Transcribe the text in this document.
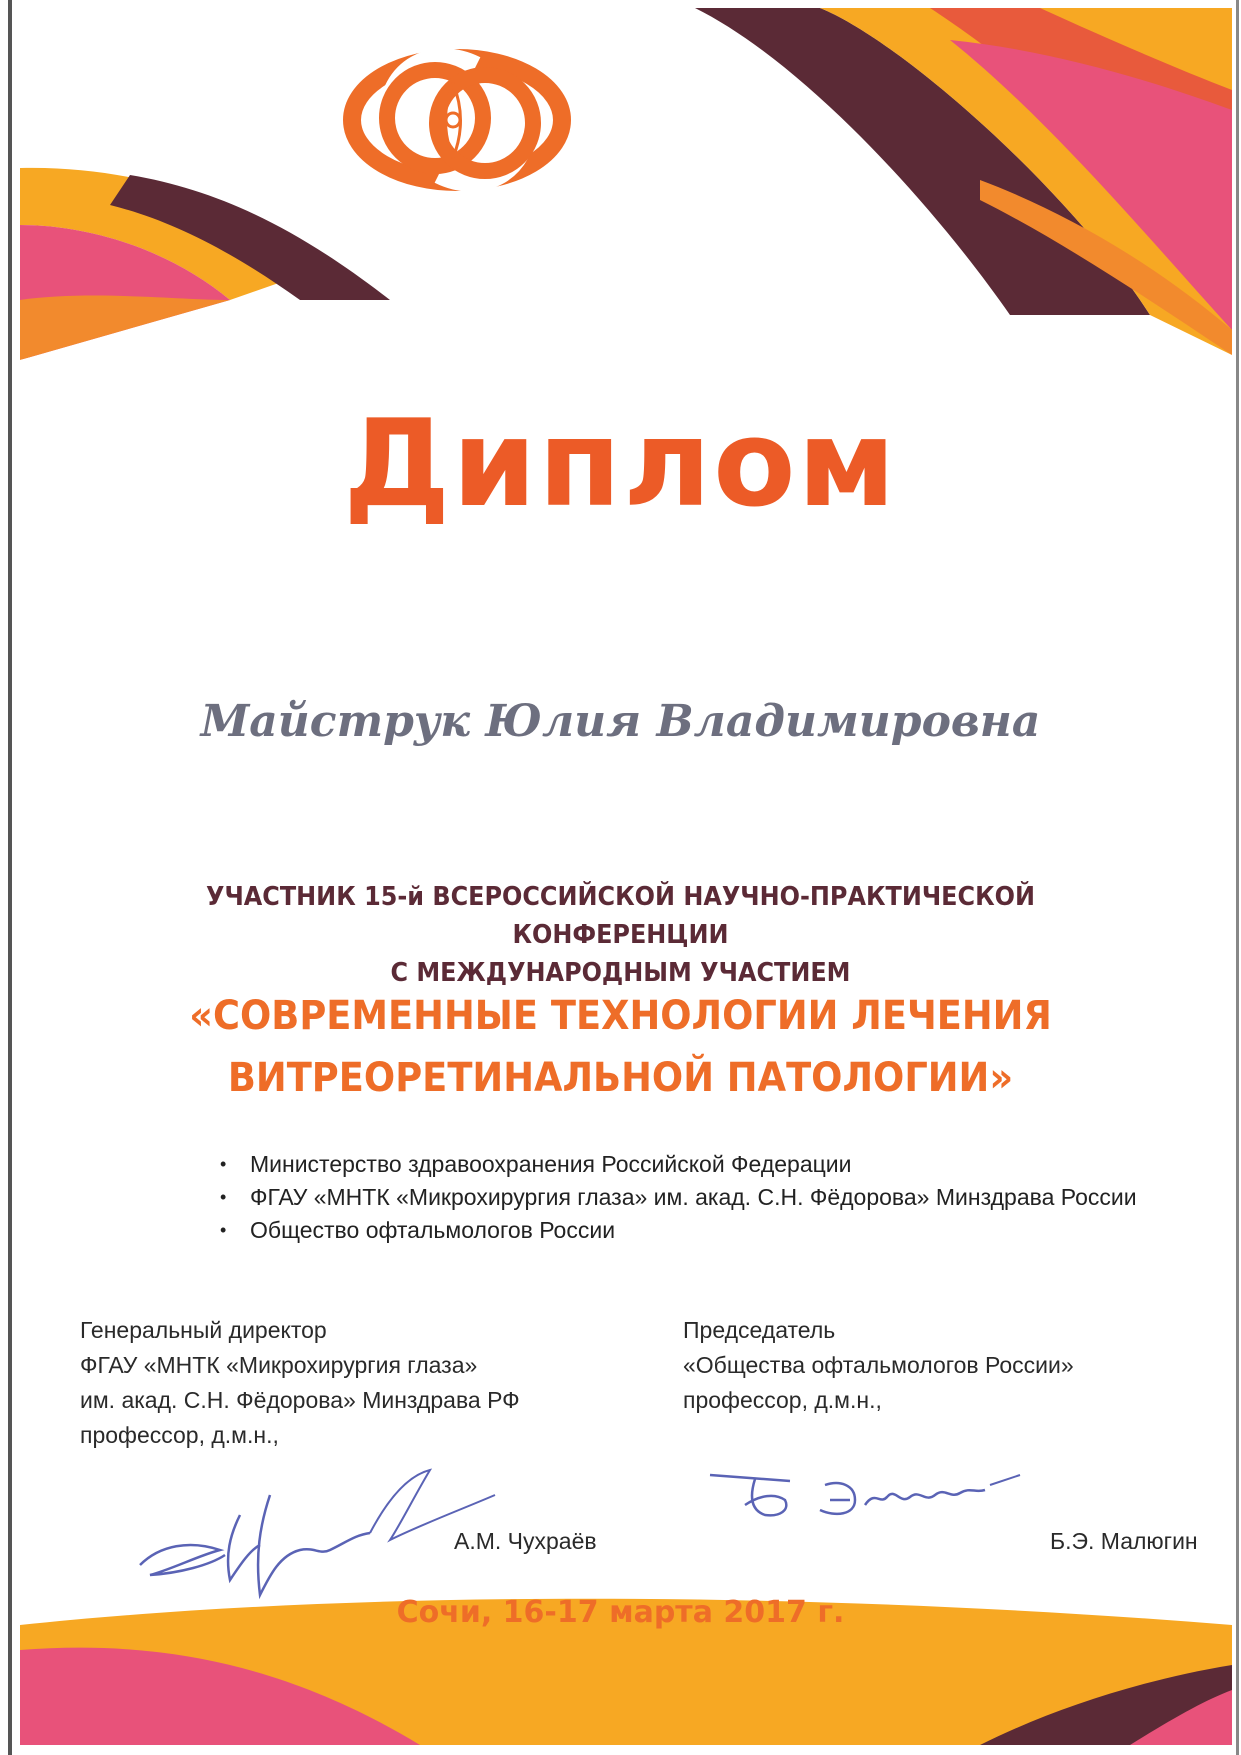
Диплом
Майструк Юлия Владимировна
УЧАСТНИК 15-й ВСЕРОССИЙСКОЙ НАУЧНО-ПРАКТИЧЕСКОЙ КОНФЕРЕНЦИИ
С МЕЖДУНАРОДНЫМ УЧАСТИЕМ
«СОВРЕМЕННЫЕ ТЕХНОЛОГИИ ЛЕЧЕНИЯ
ВИТРЕОРЕТИНАЛЬНОЙ ПАТОЛОГИИ»
• Министерство здравоохранения Российской Федерации
• ФГАУ «МНТК «Микрохирургия глаза» им. акад. С.Н. Фёдорова» Минздрава России
• Общество офтальмологов России
Генеральный директор
ФГАУ «МНТК «Микрохирургия глаза»
им. акад. С.Н. Фёдорова» Минздрава РФ
профессор, д.м.н.,
Председатель
«Общества офтальмологов России»
профессор, д.м.н.,
А.М. Чухраёв	Б.Э. Малюгин
Сочи, 16-17 марта 2017 г.
